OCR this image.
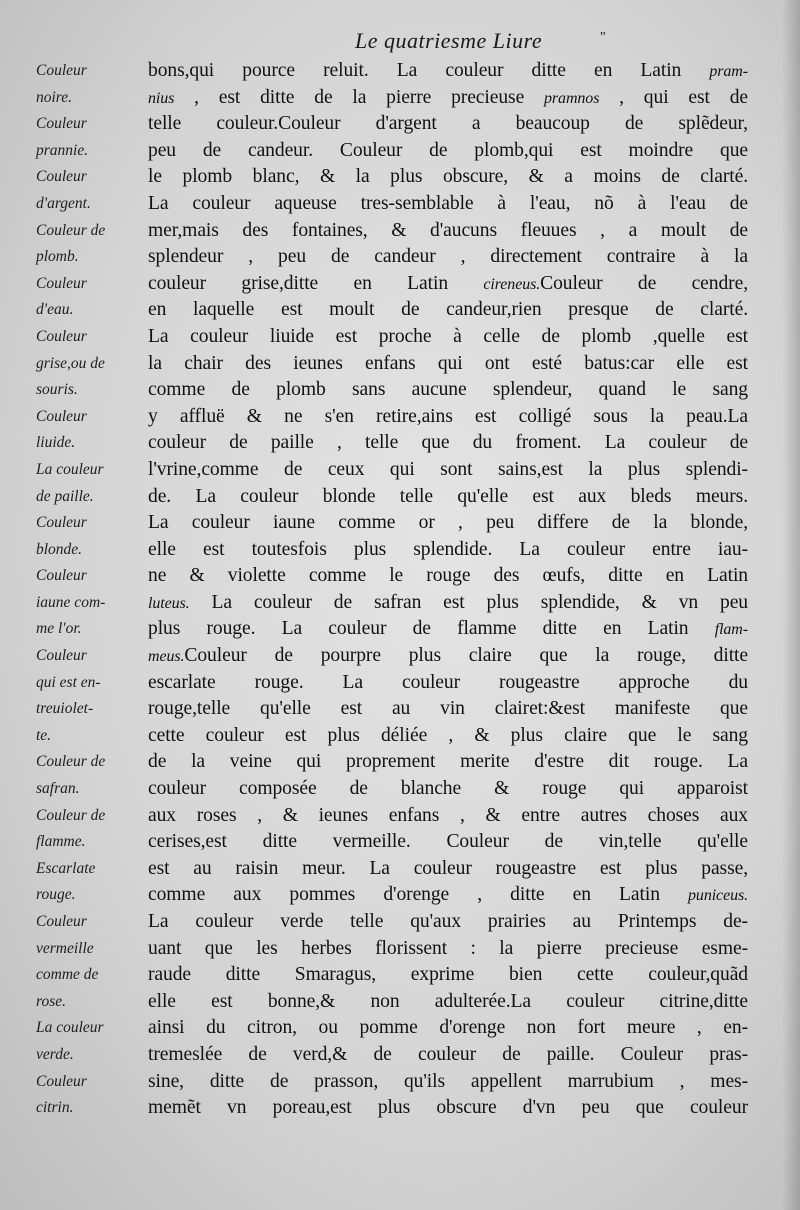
Le quatriesme Liure	"
Couleur
noire.
Couleur
prannie.
Couleur
d'argent.
Couleur de
plomb.
Couleur
d'eau.
Couleur
grise,ou de
souris.
Couleur
liuide.
La couleur
de paille.
Couleur
blonde.
Couleur
iaune com-
me l'or.
Couleur
qui est en-
treuiolet-
te.
Couleur de
safran.
Couleur de
flamme.
Escarlate
rouge.
Couleur
vermeille
comme de
rose.
La couleur
verde.
Couleur
citrin.
bons,qui pource reluit. La couleur ditte en Latin pram-
nius , est ditte de la pierre precieuse pramnos , qui est de
telle couleur.Couleur d'argent a beaucoup de splẽdeur,
peu de candeur. Couleur de plomb,qui est moindre que
le plomb blanc, & la plus obscure, & a moins de clarté.
La couleur aqueuse tres-semblable à l'eau, nõ à l'eau de
mer,mais des fontaines, & d'aucuns fleuues , a moult de
splendeur , peu de candeur , directement contraire à la
couleur grise,ditte en Latin cireneus.Couleur de cendre,
en laquelle est moult de candeur,rien presque de clarté.
La couleur liuide est proche à celle de plomb ,quelle est
la chair des ieunes enfans qui ont esté batus:car elle est
comme de plomb sans aucune splendeur, quand le sang
y affluë & ne s'en retire,ains est colligé sous la peau.La
couleur de paille , telle que du froment. La couleur de
l'vrine,comme de ceux qui sont sains,est la plus splendi-
de. La couleur blonde telle qu'elle est aux bleds meurs.
La couleur iaune comme or , peu differe de la blonde,
elle est toutesfois plus splendide. La couleur entre iau-
ne & violette comme le rouge des œufs, ditte en Latin
luteus. La couleur de safran est plus splendide, & vn peu
plus rouge. La couleur de flamme ditte en Latin flam-
meus.Couleur de pourpre plus claire que la rouge, ditte
escarlate rouge. La couleur rougeastre approche du
rouge,telle qu'elle est au vin clairet:&est manifeste que
cette couleur est plus déliée , & plus claire que le sang
de la veine qui proprement merite d'estre dit rouge. La
couleur composée de blanche & rouge qui apparoist
aux roses , & ieunes enfans , & entre autres choses aux
cerises,est ditte vermeille. Couleur de vin,telle qu'elle
est au raisin meur. La couleur rougeastre est plus passe,
comme aux pommes d'orenge , ditte en Latin puniceus.
La couleur verde telle qu'aux prairies au Printemps de-
uant que les herbes florissent : la pierre precieuse esme-
raude ditte Smaragus, exprime bien cette couleur,quãd
elle est bonne,& non adulterée.La couleur citrine,ditte
ainsi du citron, ou pomme d'orenge non fort meure , en-
tremeslée de verd,& de couleur de paille. Couleur pras-
sine, ditte de prasson, qu'ils appellent marrubium , mes-
memẽt vn poreau,est plus obscure d'vn peu que couleur
